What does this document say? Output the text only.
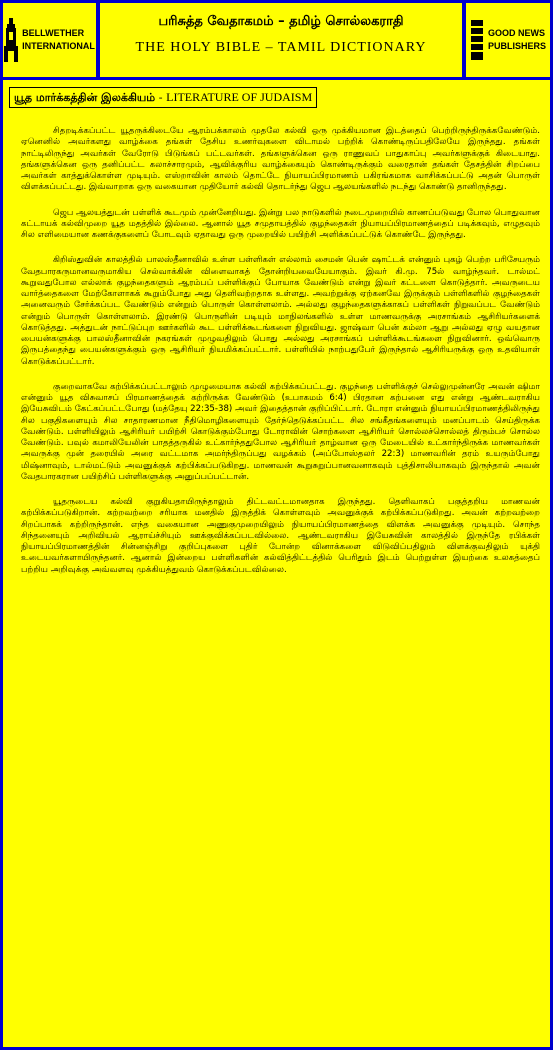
BELLWETHER
INTERNATIONAL
பரிசுத்த வேதாகமம் – தமிழ் சொல்லகராதி
THE HOLY BIBLE – TAMIL DICTIONARY
GOOD NEWS
PUBLISHERS
யூத மார்க்கத்தின் இலக்கியம் - LITERATURE OF JUDAISM

சிதறடிக்கப்பட்ட யூதருக்கிடையே ஆரம்பக்காலம் முதலே கல்வி ஒரு முக்கியமான இடத்தைப் பெற்றிருந்திருக்கவேண்டும். ஏனெனில் அவர்களது வாழ்க்கை தங்கள் தேசிய உணர்வுகளை விடாமல் பற்றிக் கொண்டிருப்பதிலேயே இருந்தது. தங்கள் நாட்டிலிருந்து அவர்கள் வேரோடு பிடுங்கப் பட்டவர்கள். தங்களுக்கென ஒரு ராணுவப் பாதுகாப்பு அவர்களுக்குக் கிடையாது. தங்களுக்கென ஒரு தனிப்பட்ட கலாச்சாரமும், ஆவிக்குரிய வாழ்க்கையும் கொண்டிருக்கும் வரைதான் தங்கள் தேசத்தின் சிறப்பை அவர்கள் காத்துக்கொள்ள முடியும். எஸ்றாவின் காலம் தொட்டே நியாயப்பிரமாணம் பகிரங்கமாக வாசிக்கப்பட்டு அதன் பொருள் விளக்கப்பட்டது. இவ்வாறாக ஒரு வகையான முதியோர் கல்வி தொடர்ந்து ஜெப ஆலயங்களில் நடந்து கொண்டு தானிருந்தது.

ஜெப ஆலயத்துடன் பள்ளிக் கூடமும் முன்னேறியது. இன்று பல நாடுகளில் நடைமுறையில் காணப்படுவது போல பொதுவான கட்டாயக் கல்விமுறை யூத மதத்தில் இல்லை. ஆனால் யூத சமுதாயத்தில் குழந்தைகள் நியாயப்பிரமாணத்தைப் படிக்கவும், எழுதவும் சில எளிமையான கணக்குகளைப் போடவும் ஏதாவது ஒரு முறையில் பயிற்சி அளிக்கப்பட்டுக் கொண்டே இருந்தது.

கிறிஸ்துவின் காலத்தில் பாலஸ்தீனாவில் உள்ள பள்ளிகள் எல்லாம் சைமன் பென் ஷாட்டக் என்னும் புகழ் பெற்ற பரிசேயரும் வேதபாரகருமானவருமாகிய செல்வாக்கின் விளைவாகத் தோன்றியவையேயாகும். இவர் கி.மு. 75ல் வாழ்ந்தவர். டால்மட் கூறுவதுபோல எல்லாக் குழந்தைகளும் ஆரம்பப் பள்ளிக்குப் போயாக வேண்டும் என்று இவர் கட்டளை கொடுத்தார். அவருடைய வார்த்தைகளை மேற்கோளாகக் கூறும்போது அது தெளிவற்றதாக உள்ளது. அவற்றுக்கு ஏற்கனவே இருக்கும் பள்ளிகளில் குழந்தைகள் அனைவரும் சேர்க்கப்பட வேண்டும் என்றும் பொருள் கொள்ளலாம். அல்லது குழந்தைகளுக்காகப் பள்ளிகள் நிறுவப்பட வேண்டும் என்றும் பொருள் கொள்ளலாம். இரண்டு பொருளின் படியும் மாநிலங்களில் உள்ள மாணவருக்கு அரசாங்கம் ஆசிரியர்களைக் கொடுத்தது. அத்துடன் நாட்டுப்புற ஊர்களில் கூட பள்ளிக்கூடங்களை நிறுவியது. ஜாஷ்வா பென் கம்லா ஆறு அல்லது ஏழு வயதான பையன்களுக்கு பாலஸ்தீனாவின் நகரங்கள் முழுவதிலும் பொது அல்லது அரசாங்கப் பள்ளிக்கூடங்களை நிறுவினார். ஒவ்வொரு இருபத்தைந்து பையன்களுக்கும் ஒரு ஆசிரியர் நியமிக்கப்பட்டார். பள்ளியில் நாற்பதுபேர் இருந்தால் ஆசிரியருக்கு ஒரு உதவியாள் கொடுக்கப்பட்டார்.

குறைவாகவே கற்பிக்கப்பட்டாலும் முழுமையாக கல்வி கற்பிக்கப்பட்டது. குழந்தை பள்ளிக்குச் செல்லுமுன்னரே அவன் ஷிமா என்னும் யூத விசுவாசப் பிரமாணத்தைக் கற்றிருக்க வேண்டும் (உபாகமம் 6:4) பிரதான கற்பனை எது என்று ஆண்டவராகிய இயேசுவிடம் கேட்கப்பட்டபோது (மத்தேயு 22:35-38) அவர் இதைத்தான் குறிப்பிட்டார். டோரா என்னும் நியாயப்பிரமாணத்திலிருந்து சில பகுதிகளையும் சில சாதாரணமான நீதிமொழிகளையும் தேர்ந்தெடுக்கப்பட்ட சில சங்கீதங்களையும் மனப்பாடம் செய்திருக்க வேண்டும். பள்ளியிலும் ஆசிரியர் பயிற்சி கொடுக்கும்போது டோராவின் சொற்களை ஆசிரியர் சொல்லச்சொல்லத் திரும்பச் சொல்ல வேண்டும். பவுல் கமாலியேலின் பாதத்தருகில் உட்கார்ந்ததுபோல ஆசிரியர் தாழ்வான ஒரு மேடையில் உட்கார்ந்திருக்க மாணவர்கள் அவருக்கு முன் தரையில் அரை வட்டமாக அமர்ந்திருப்பது வழக்கம் (அப்போஸ்தலர் 22:3) மாணவரின் தரம் உயரும்போது மிஷ்னாவும், டால்மட்டும் அவனுக்குக் கற்பிக்கப்படுகிறது. மாணவன் கூறுசுறுப்பானவனாகவும் புத்திசாலியாகவும் இருந்தால் அவன் வேதபாரகரான பயிற்சிப் பள்ளிகளுக்கு அனுப்பப்பட்டான்.

யூதருடைய கல்வி குறுகியதாயிருந்தாலும் திட்டவட்டமானதாக இருந்தது. தெளிவாகப் பகுத்தறிய மாணவன் கற்பிக்கப்படுகிறான். கற்றவற்றை சரியாக மனதில் இருத்திக் கொள்ளவும் அவனுக்குக் கற்பிக்கப்படுகிறது. அவன் கற்றவற்றை சிறப்பாகக் கற்றிருந்தான். எந்த வகையான அணுகுமுறையிலும் நியாயப்பிரமாணத்தை விளக்க அவனுக்கு முடியும். சொந்த சிந்தனையும் அறிவியல் ஆராய்ச்சியும் ஊக்குவிக்கப்படவில்லை. ஆண்டவராகிய இயேசுவின் காலத்தில் இருந்தே ரபிக்கள் நியாயப்பிரமாணத்தின் சின்னஞ்சிறு குறிப்புகளை புதிர் போன்ற வினாக்களை விடுவிப்பதிலும் விளக்குவதிலும் யுக்தி உடையவர்களாயிருந்தனர். ஆனால் இன்றைய பள்ளிகளின் கல்வித்திட்டத்தில் பெரிதும் இடம் பெற்றுள்ள இயற்கை உலகத்தைப் பற்றிய அறிவுக்கு அவ்வளவு முக்கியத்துவம் கொடுக்கப்படவில்லை.
